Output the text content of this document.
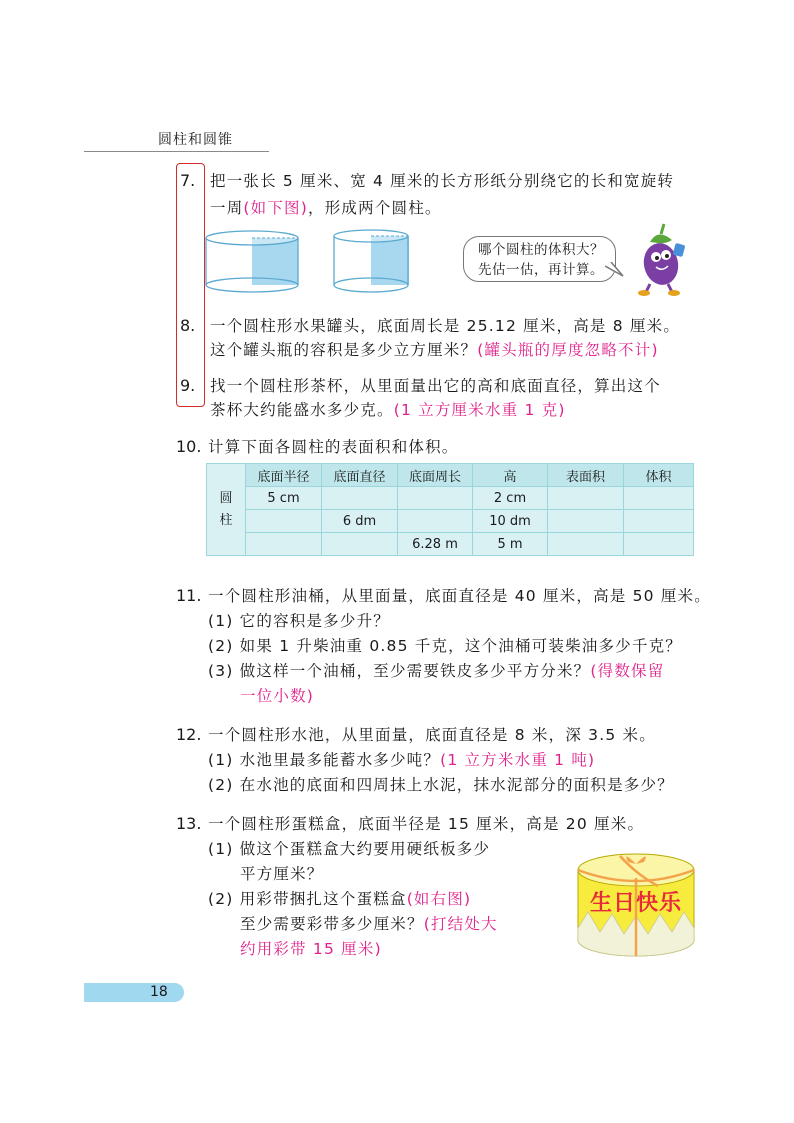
圆柱和圆锥
7. 把一张长 5 厘米、宽 4 厘米的长方形纸分别绕它的长和宽旋转
一周(如下图)，形成两个圆柱。
哪个圆柱的体积大？
先估一估，再计算。
8. 一个圆柱形水果罐头，底面周长是 25.12 厘米，高是 8 厘米。
这个罐头瓶的容积是多少立方厘米？(罐头瓶的厚度忽略不计)
9. 找一个圆柱形茶杯，从里面量出它的高和底面直径，算出这个
茶杯大约能盛水多少克。(1 立方厘米水重 1 克)
10. 计算下面各圆柱的表面积和体积。
圆
柱	底面半径	底面直径	底面周长	高	表面积	体积
	5 cm			2 cm		
		6 dm		10 dm		
			6.28 m	5 m		
11. 一个圆柱形油桶，从里面量，底面直径是 40 厘米，高是 50 厘米。
(1) 它的容积是多少升？
(2) 如果 1 升柴油重 0.85 千克，这个油桶可装柴油多少千克？
(3) 做这样一个油桶，至少需要铁皮多少平方分米？(得数保留
一位小数)
12. 一个圆柱形水池，从里面量，底面直径是 8 米，深 3.5 米。
(1) 水池里最多能蓄水多少吨？(1 立方米水重 1 吨)
(2) 在水池的底面和四周抹上水泥，抹水泥部分的面积是多少？
13. 一个圆柱形蛋糕盒，底面半径是 15 厘米，高是 20 厘米。
(1) 做这个蛋糕盒大约要用硬纸板多少
平方厘米？
(2) 用彩带捆扎这个蛋糕盒(如右图)
至少需要彩带多少厘米？(打结处大
约用彩带 15 厘米)
生日快乐
18
